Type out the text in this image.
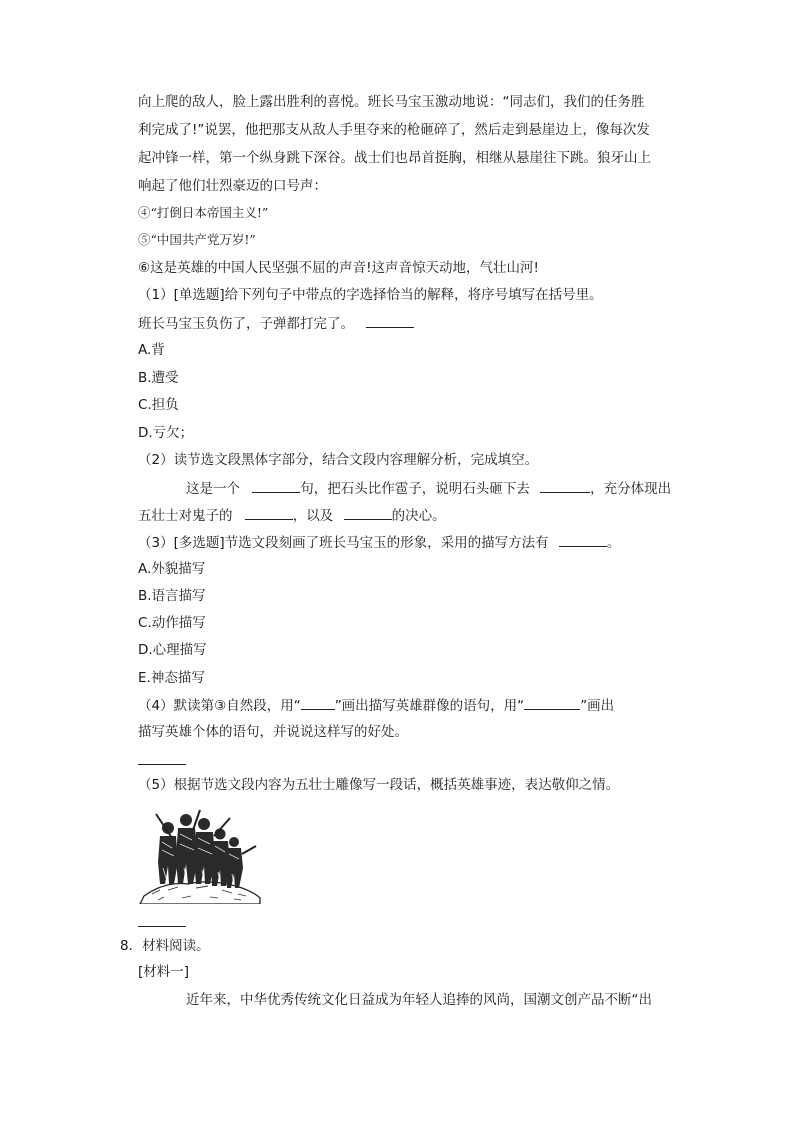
向上爬的敌人，脸上露出胜利的喜悦。班长马宝玉激动地说：“同志们，我们的任务胜
利完成了!”说罢，他把那支从敌人手里夺来的枪砸碎了，然后走到悬崖边上，像每次发
起冲锋一样，第一个纵身跳下深谷。战士们也昂首挺胸，相继从悬崖往下跳。狼牙山上
响起了他们壮烈豪迈的口号声：
④“打倒日本帝国主义!”
⑤“中国共产党万岁!”
⑥这是英雄的中国人民坚强不屈的声音!这声音惊天动地，气壮山河!
（1）[单选题]给下列句子中带点的字选择恰当的解释，将序号填写在括号里。
班长马宝玉负伤了，子弹都打完了。
A.背
B.遭受
C.担负
D.亏欠；
（2）读节选文段黑体字部分，结合文段内容理解分析，完成填空。
这是一个	句，把石头比作雹子，说明石头砸下去	，充分体现出
五壮士对鬼子的	，以及	的决心。
（3）[多选题]节选文段刻画了班长马宝玉的形象，采用的描写方法有	。
A.外貌描写
B.语言描写
C.动作描写
D.心理描写
E.神态描写
（4）默读第③自然段，用“	”画出描写英雄群像的语句，用“	”画出
描写英雄个体的语句，并说说这样写的好处。
（5）根据节选文段内容为五壮士雕像写一段话，概括英雄事迹，表达敬仰之情。
8．材料阅读。
[材料一]
近年来，中华优秀传统文化日益成为年轻人追捧的风尚，国潮文创产品不断“出
